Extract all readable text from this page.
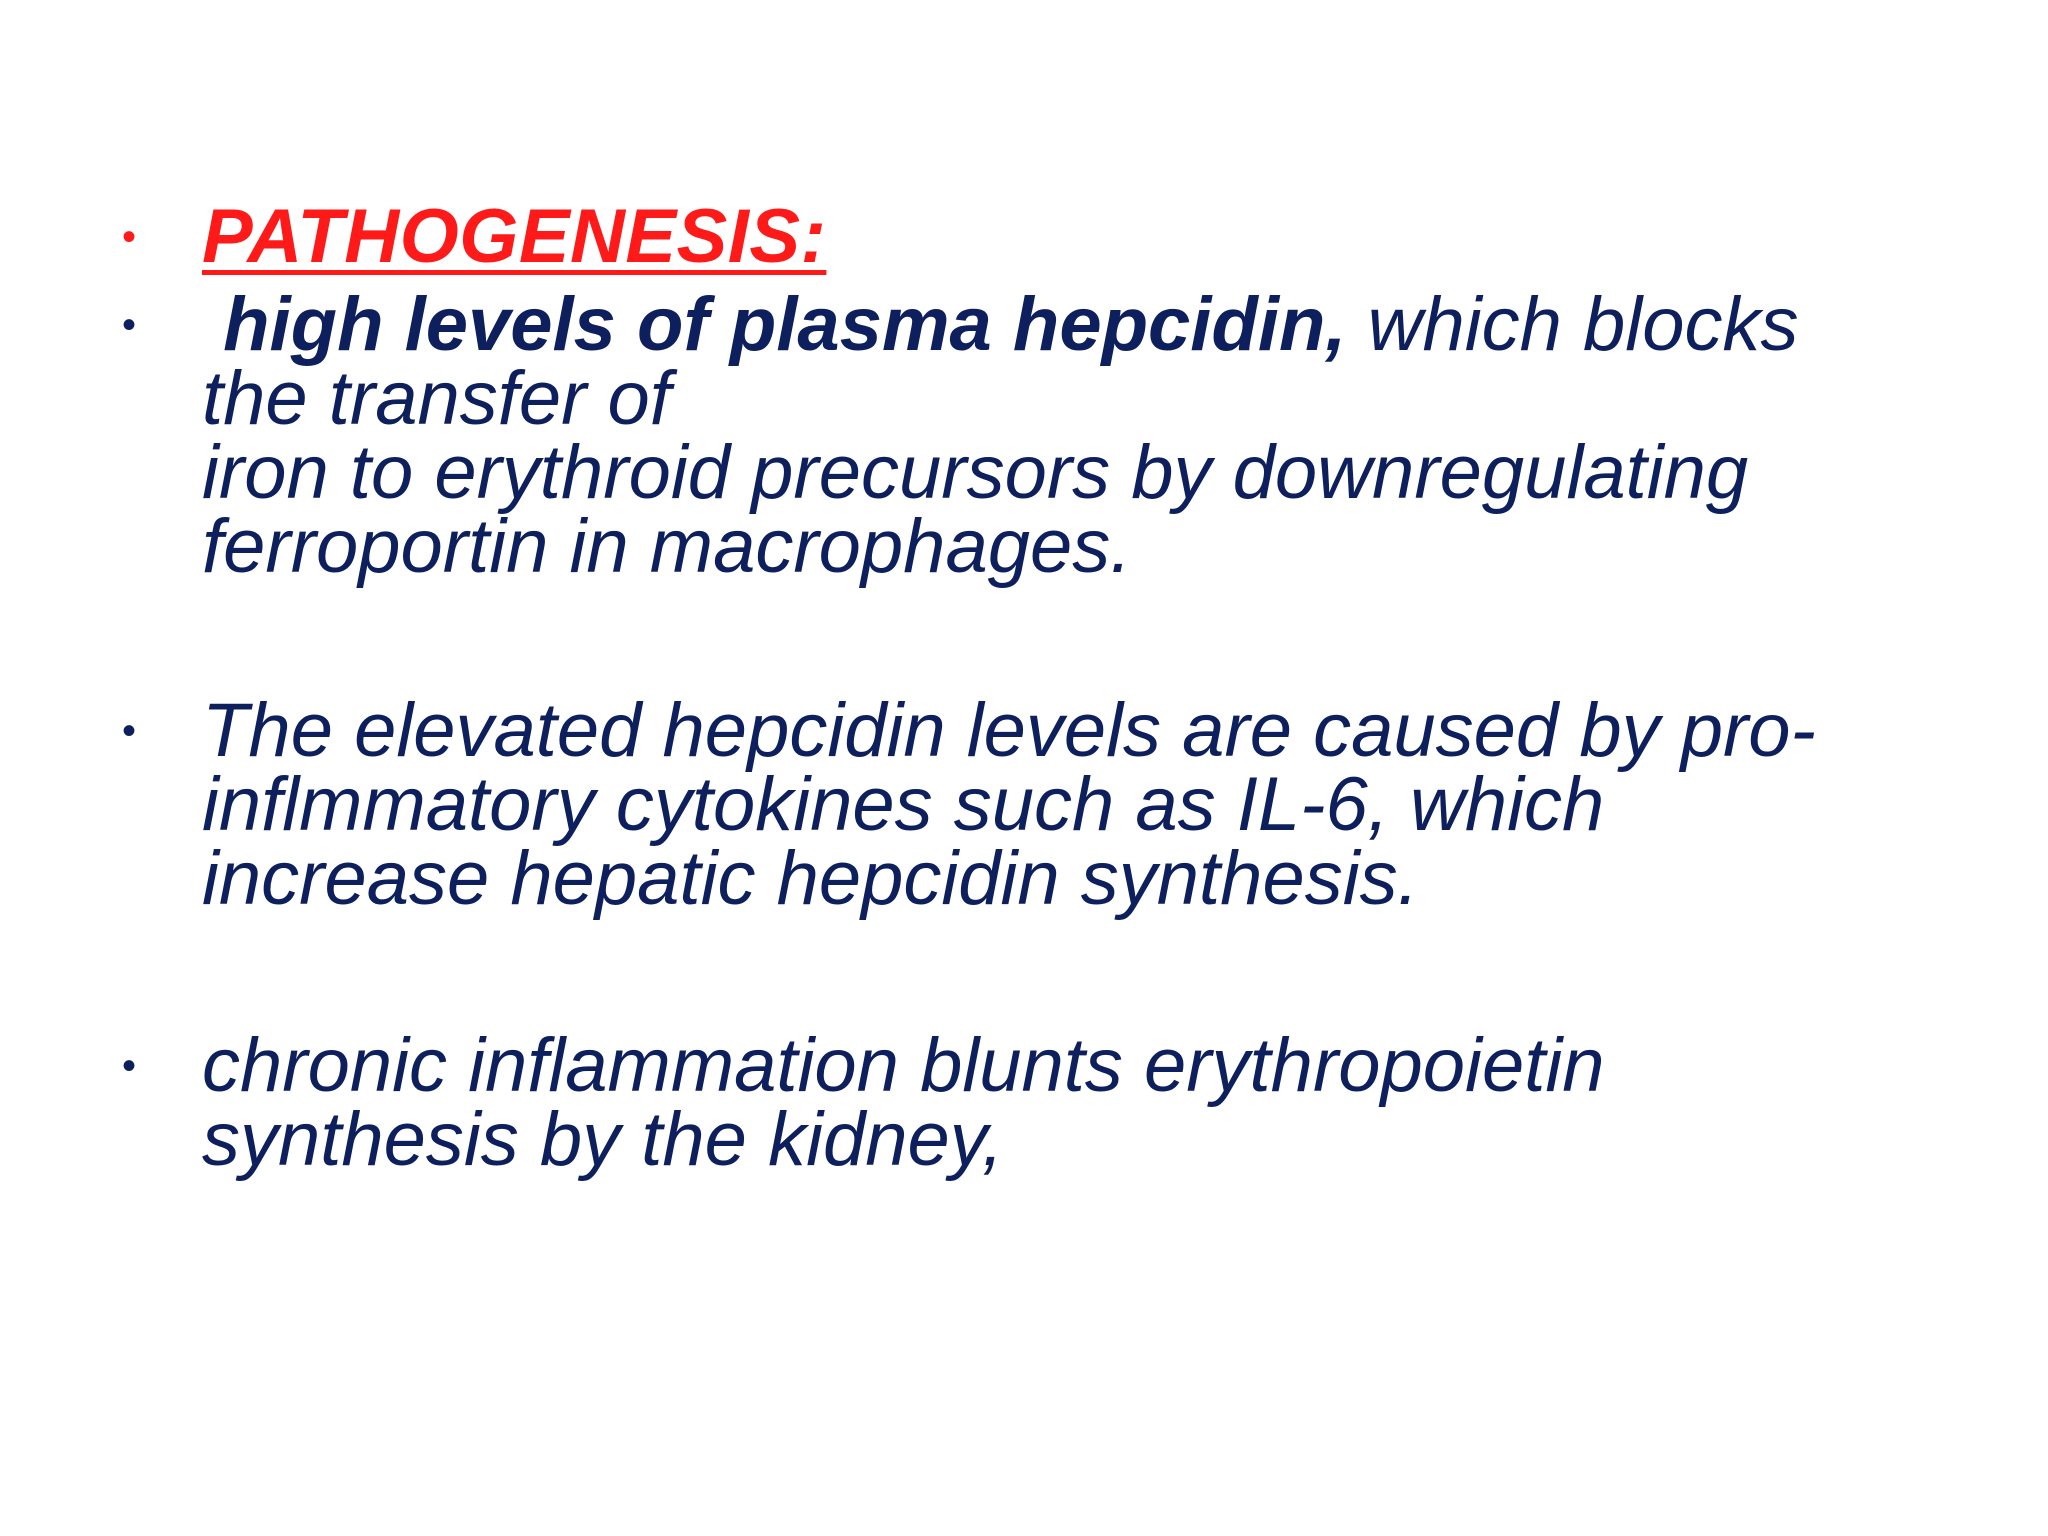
• PATHOGENESIS:
• high levels of plasma hepcidin, which blocks
the transfer of
iron to erythroid precursors by downregulating
ferroportin in macrophages.
• The elevated hepcidin levels are caused by pro-
inflmmatory cytokines such as IL-6, which
increase hepatic hepcidin synthesis.
• chronic inflammation blunts erythropoietin
synthesis by the kidney,
